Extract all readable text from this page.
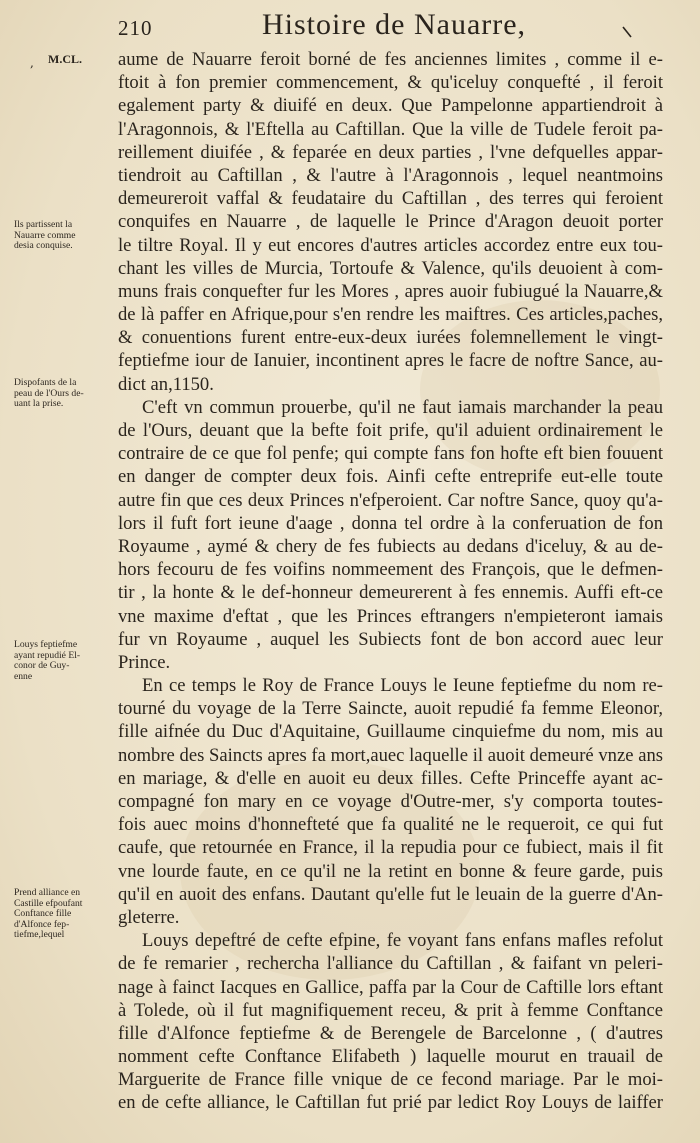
210	Histoire de Nauarre,
, M.CL.
Ils partissent la
Nauarre comme
desia conquise.
Dispofants de la
peau de l'Ours de-
uant la prise.
Louys feptiefme
ayant repudié El-
conor de Guy-
enne
Prend alliance en
Castille efpoufant
Conftance fille
d'Alfonce fep-
tiefme,lequel
aume de Nauarre feroit borné de fes anciennes limites , comme il e-
ftoit à fon premier commencement, & qu'iceluy conquefté , il feroit
egalement party & diuifé en deux. Que Pampelonne appartiendroit à
l'Aragonnois, & l'Eftella au Caftillan. Que la ville de Tudele feroit pa-
reillement diuifée , & feparée en deux parties , l'vne defquelles appar-
tiendroit au Caftillan , & l'autre à l'Aragonnois , lequel neantmoins
demeureroit vaffal & feudataire du Caftillan , des terres qui feroient
conquifes en Nauarre , de laquelle le Prince d'Aragon deuoit porter
le tiltre Royal. Il y eut encores d'autres articles accordez entre eux tou-
chant les villes de Murcia, Tortoufe & Valence, qu'ils deuoient à com-
muns frais conquefter fur les Mores , apres auoir fubiugué la Nauarre,&
de là paffer en Afrique,pour s'en rendre les maiftres. Ces articles,paches,
& conuentions furent entre-eux-deux iurées folemnellement le vingt-
feptiefme iour de Ianuier, incontinent apres le facre de noftre Sance, au-
dict an,1150.
C'eft vn commun prouerbe, qu'il ne faut iamais marchander la peau
de l'Ours, deuant que la befte foit prife, qu'il aduient ordinairement le
contraire de ce que fol penfe; qui compte fans fon hofte eft bien fouuent
en danger de compter deux fois. Ainfi cefte entreprife eut-elle toute
autre fin que ces deux Princes n'efperoient. Car noftre Sance, quoy qu'a-
lors il fuft fort ieune d'aage , donna tel ordre à la conferuation de fon
Royaume , aymé & chery de fes fubiects au dedans d'iceluy, & au de-
hors fecouru de fes voifins nommeement des François, que le defmen-
tir , la honte & le def-honneur demeurerent à fes ennemis. Auffi eft-ce
vne maxime d'eftat , que les Princes eftrangers n'empieteront iamais
fur vn Royaume , auquel les Subiects font de bon accord auec leur
Prince.
En ce temps le Roy de France Louys le Ieune feptiefme du nom re-
tourné du voyage de la Terre Saincte, auoit repudié fa femme Eleonor,
fille aifnée du Duc d'Aquitaine, Guillaume cinquiefme du nom, mis au
nombre des Saincts apres fa mort,auec laquelle il auoit demeuré vnze ans
en mariage, & d'elle en auoit eu deux filles. Cefte Princeffe ayant ac-
compagné fon mary en ce voyage d'Outre-mer, s'y comporta toutes-
fois auec moins d'honnefteté que fa qualité ne le requeroit, ce qui fut
caufe, que retournée en France, il la repudia pour ce fubiect, mais il fit
vne lourde faute, en ce qu'il ne la retint en bonne & feure garde, puis
qu'il en auoit des enfans. Dautant qu'elle fut le leuain de la guerre d'An-
gleterre.
Louys depeftré de cefte efpine, fe voyant fans enfans mafles refolut
de fe remarier , rechercha l'alliance du Caftillan , & faifant vn peleri-
nage à fainct Iacques en Gallice, paffa par la Cour de Caftille lors eftant
à Tolede, où il fut magnifiquement receu, & prit à femme Conftance
fille d'Alfonce feptiefme & de Berengele de Barcelonne , ( d'autres
nomment cefte Conftance Elifabeth ) laquelle mourut en trauail de
Marguerite de France fille vnique de ce fecond mariage. Par le moi-
en de cefte alliance, le Caftillan fut prié par ledict Roy Louys de laiffer
